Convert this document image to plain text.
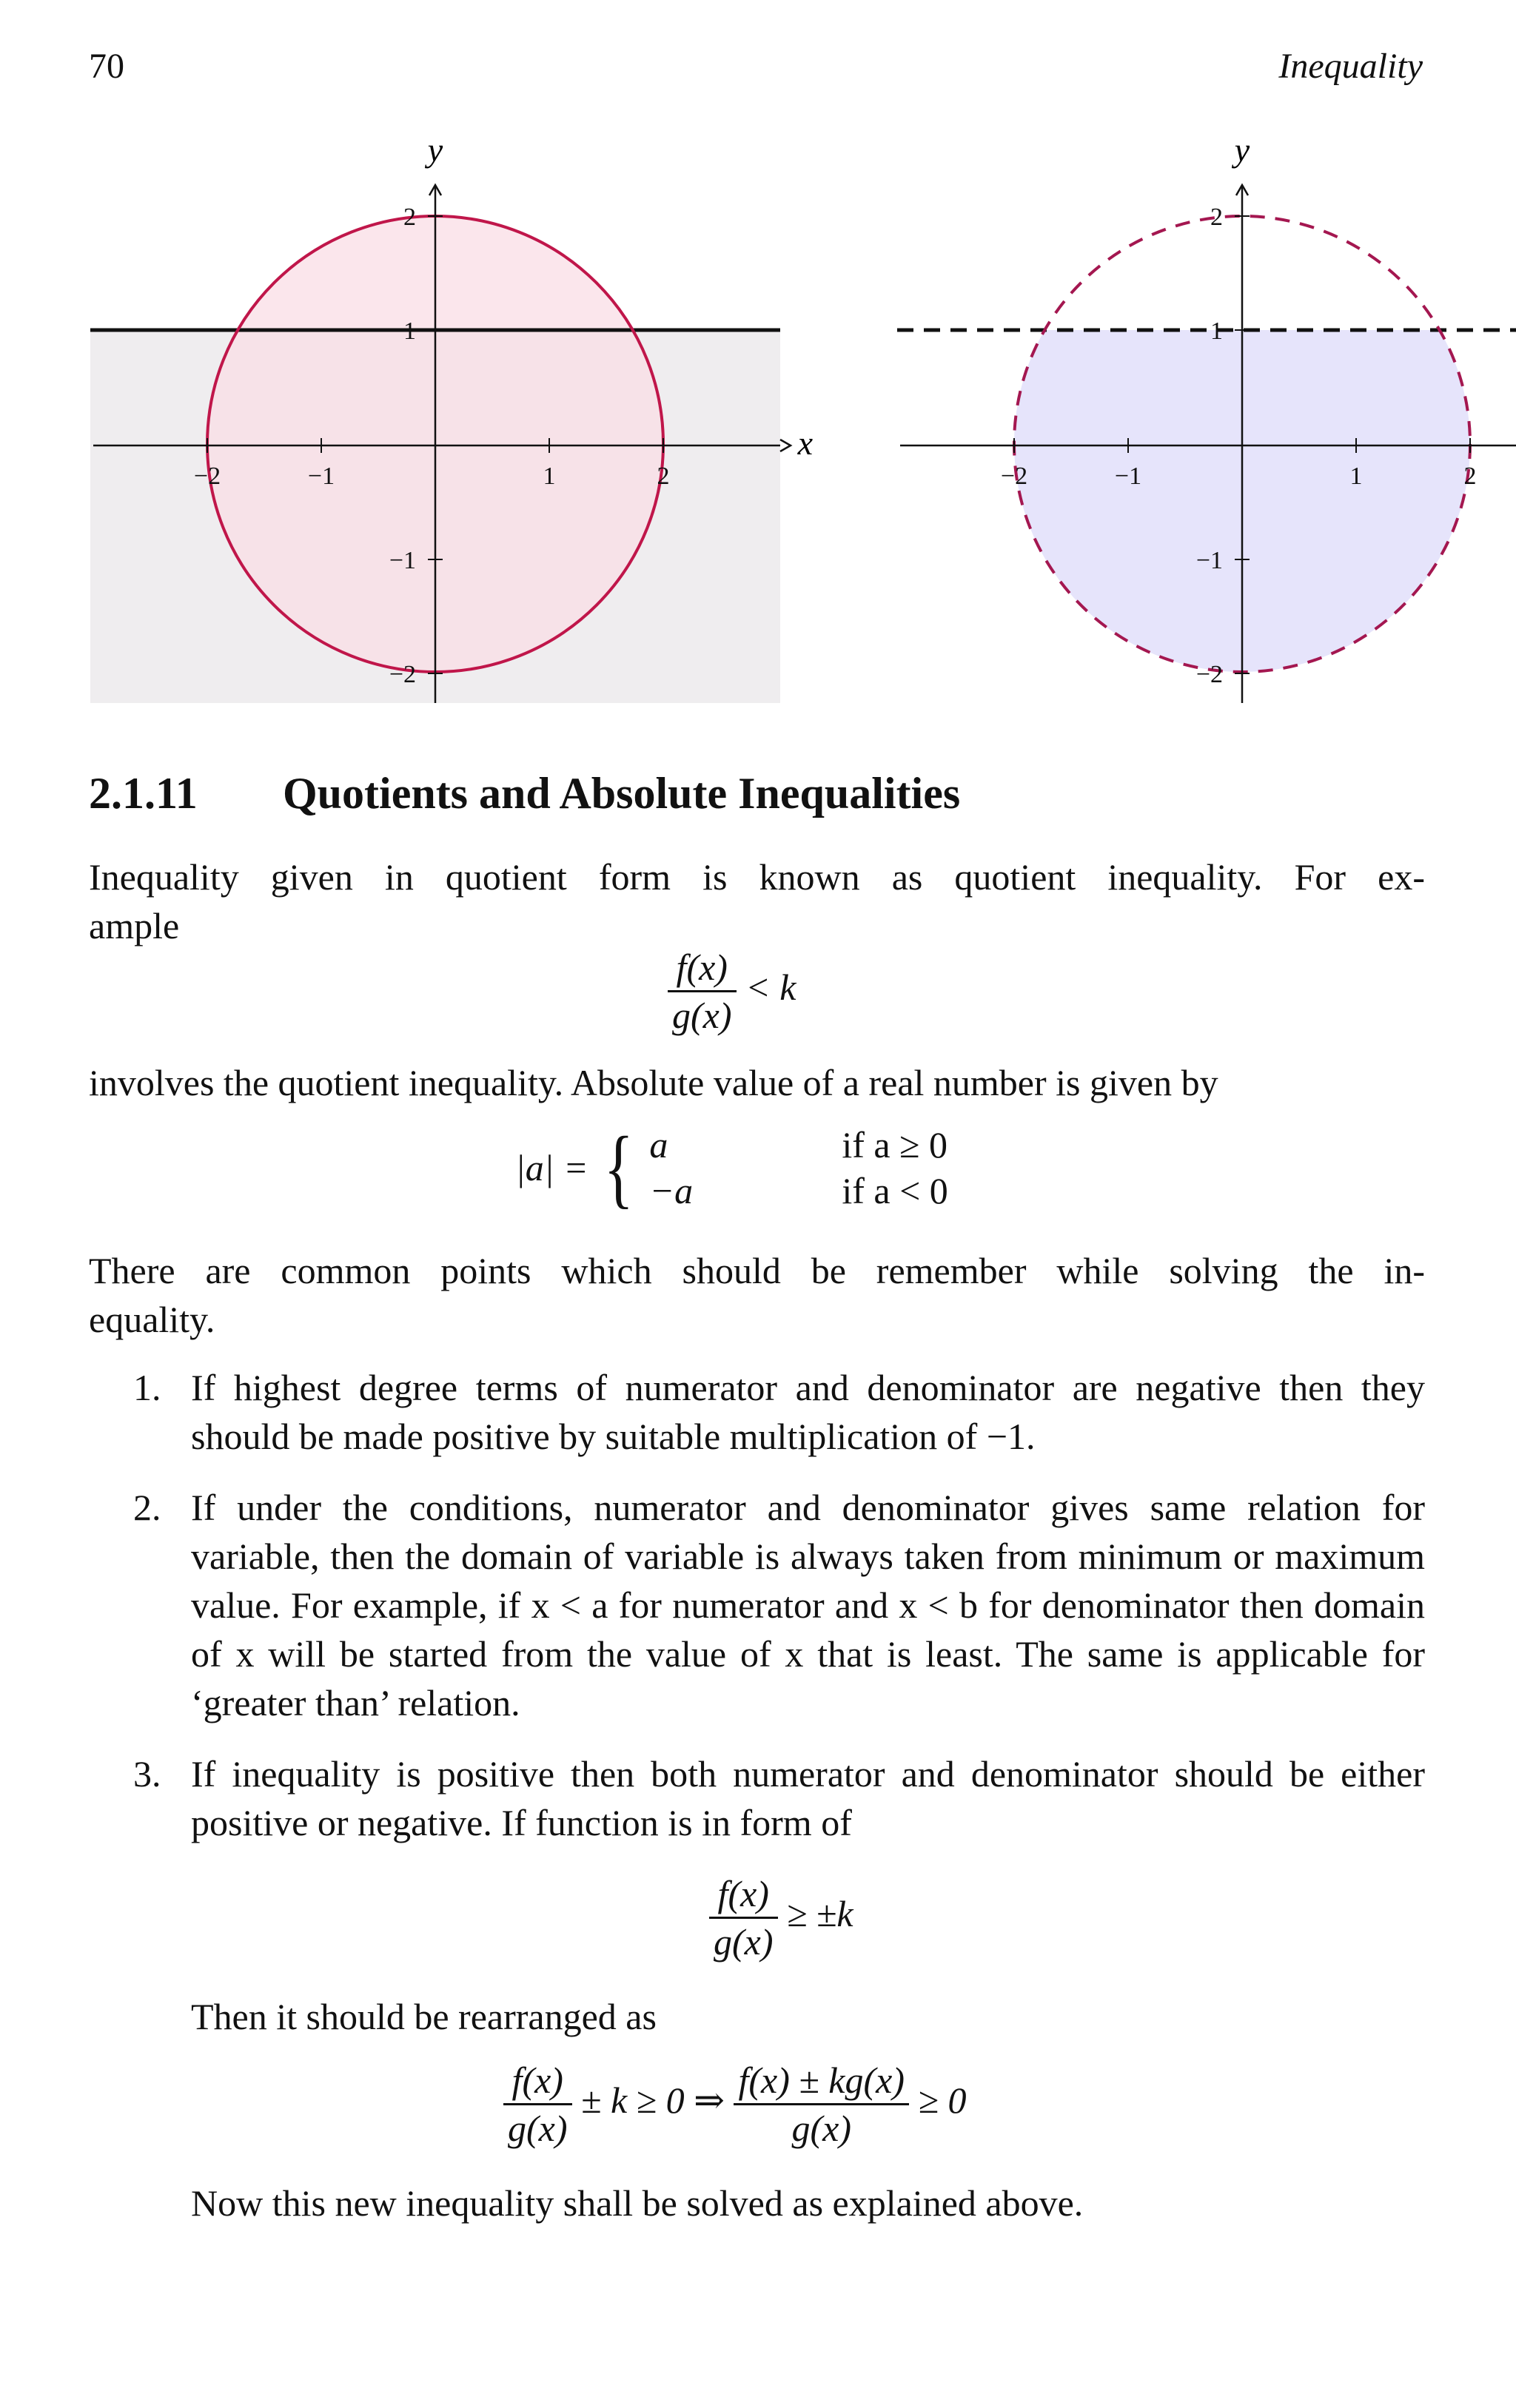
70	Inequality
−2	−1	1	2
2
1
−1
−2
x
y
−2	−1	1	2
2
1
−1
−2
y
2.1.11 Quotients and Absolute Inequalities
Inequality given in quotient form is known as quotient inequality. For ex-
ample
$\frac{f(x)}{g(x)} < k$
involves the quotient inequality. Absolute value of a real number is given by
|a| = { a	if a ≥ 0
−a	if a < 0
There are common points which should be remember while solving the in-
equality.
1. If highest degree terms of numerator and denominator are negative then they should be made positive by suitable multiplication of −1.
2. If under the conditions, numerator and denominator gives same relation for variable, then the domain of variable is always taken from minimum or maximum value. For example, if x < a for numerator and x < b for denominator then domain of x will be started from the value of x that is least. The same is applicable for ‘greater than’ relation.
3. If inequality is positive then both numerator and denominator should be either positive or negative. If function is in form of
$\frac{f(x)}{g(x)} \ge \pm k$
Then it should be rearranged as
$\frac{f(x)}{g(x)} \pm k \ge 0$ ⇒ $\frac{f(x) \pm kg(x)}{g(x)} \ge 0$
Now this new inequality shall be solved as explained above.
